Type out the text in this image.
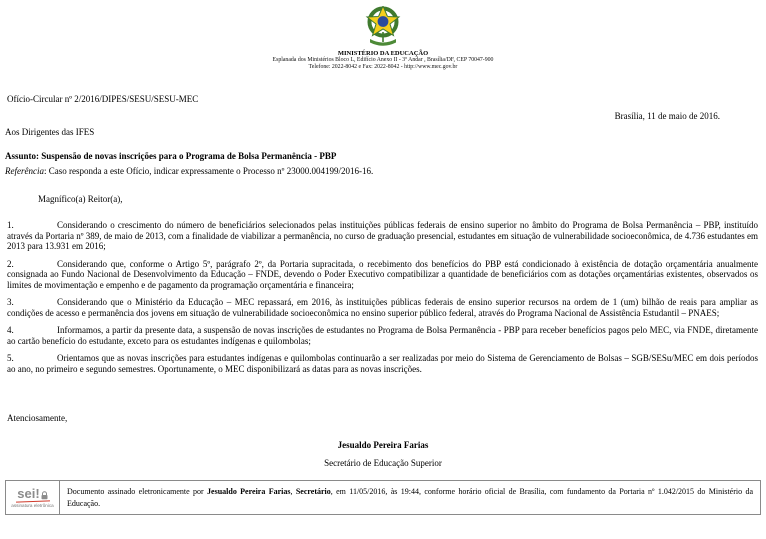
MINISTÉRIO DA EDUCAÇÃO
Esplanada dos Ministérios Bloco L, Edifício Anexo II - 3º Andar , Brasília/DF, CEP 70047-900
Telefone: 2022-8042 e Fax: 2022-8042 - http://www.mec.gov.br
Ofício-Circular nº 2/2016/DIPES/SESU/SESU-MEC
Brasília, 11 de maio de 2016.
Aos Dirigentes das IFES
Assunto: Suspensão de novas inscrições para o Programa de Bolsa Permanência - PBP
Referência: Caso responda a este Ofício, indicar expressamente o Processo nº 23000.004199/2016-16.
Magnífico(a) Reitor(a),

1.	Considerando o crescimento do número de beneficiários selecionados pelas instituições públicas federais de ensino superior no âmbito do Programa de Bolsa Permanência – PBP, instituído através da Portaria nº 389, de maio de 2013, com a finalidade de viabilizar a permanência, no curso de graduação presencial, estudantes em situação de vulnerabilidade socioeconômica, de 4.736 estudantes em 2013 para 13.931 em 2016;

2.	Considerando que, conforme o Artigo 5º, parágrafo 2º, da Portaria supracitada, o recebimento dos benefícios do PBP está condicionado à existência de dotação orçamentária anualmente consignada ao Fundo Nacional de Desenvolvimento da Educação – FNDE, devendo o Poder Executivo compatibilizar a quantidade de beneficiários com as dotações orçamentárias existentes, observados os limites de movimentação e empenho e de pagamento da programação orçamentária e financeira;

3.	Considerando que o Ministério da Educação – MEC repassará, em 2016, às instituições públicas federais de ensino superior recursos na ordem de 1 (um) bilhão de reais para ampliar as condições de acesso e permanência dos jovens em situação de vulnerabilidade socioeconômica no ensino superior público federal, através do Programa Nacional de Assistência Estudantil – PNAES;

4.	Informamos, a partir da presente data, a suspensão de novas inscrições de estudantes no Programa de Bolsa Permanência - PBP para receber benefícios pagos pelo MEC, via FNDE, diretamente ao cartão benefício do estudante, exceto para os estudantes indígenas e quilombolas;

5.	Orientamos que as novas inscrições para estudantes indígenas e quilombolas continuarão a ser realizadas por meio do Sistema de Gerenciamento de Bolsas – SGB/SESu/MEC em dois períodos ao ano, no primeiro e segundo semestres. Oportunamente, o MEC disponibilizará as datas para as novas inscrições.

Atenciosamente,
Jesualdo Pereira Farias
Secretário de Educação Superior
sei!
assinatura eletrônica
Documento assinado eletronicamente por Jesualdo Pereira Farias, Secretário, em 11/05/2016, às 19:44, conforme horário oficial de Brasília, com fundamento da Portaria nº 1.042/2015 do Ministério da Educação.
